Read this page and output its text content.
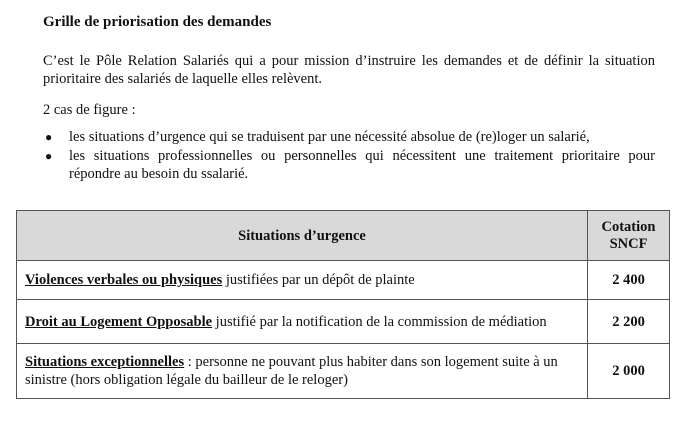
Grille de priorisation des demandes

C’est le Pôle Relation Salariés qui a pour mission d’instruire les demandes et de définir la situation prioritaire des salariés de laquelle elles relèvent.

2 cas de figure :

● les situations d’urgence qui se traduisent par une nécessité absolue de (re)loger un salarié,
● les situations professionnelles ou personnelles qui nécessitent une traitement prioritaire pour répondre au besoin du ssalarié.
Situations d’urgence	Cotation SNCF
Violences verbales ou physiques justifiées par un dépôt de plainte	2 400
Droit au Logement Opposable justifié par la notification de la commission de médiation	2 200
Situations exceptionnelles : personne ne pouvant plus habiter dans son logement suite à un sinistre (hors obligation légale du bailleur de le reloger)	2 000
